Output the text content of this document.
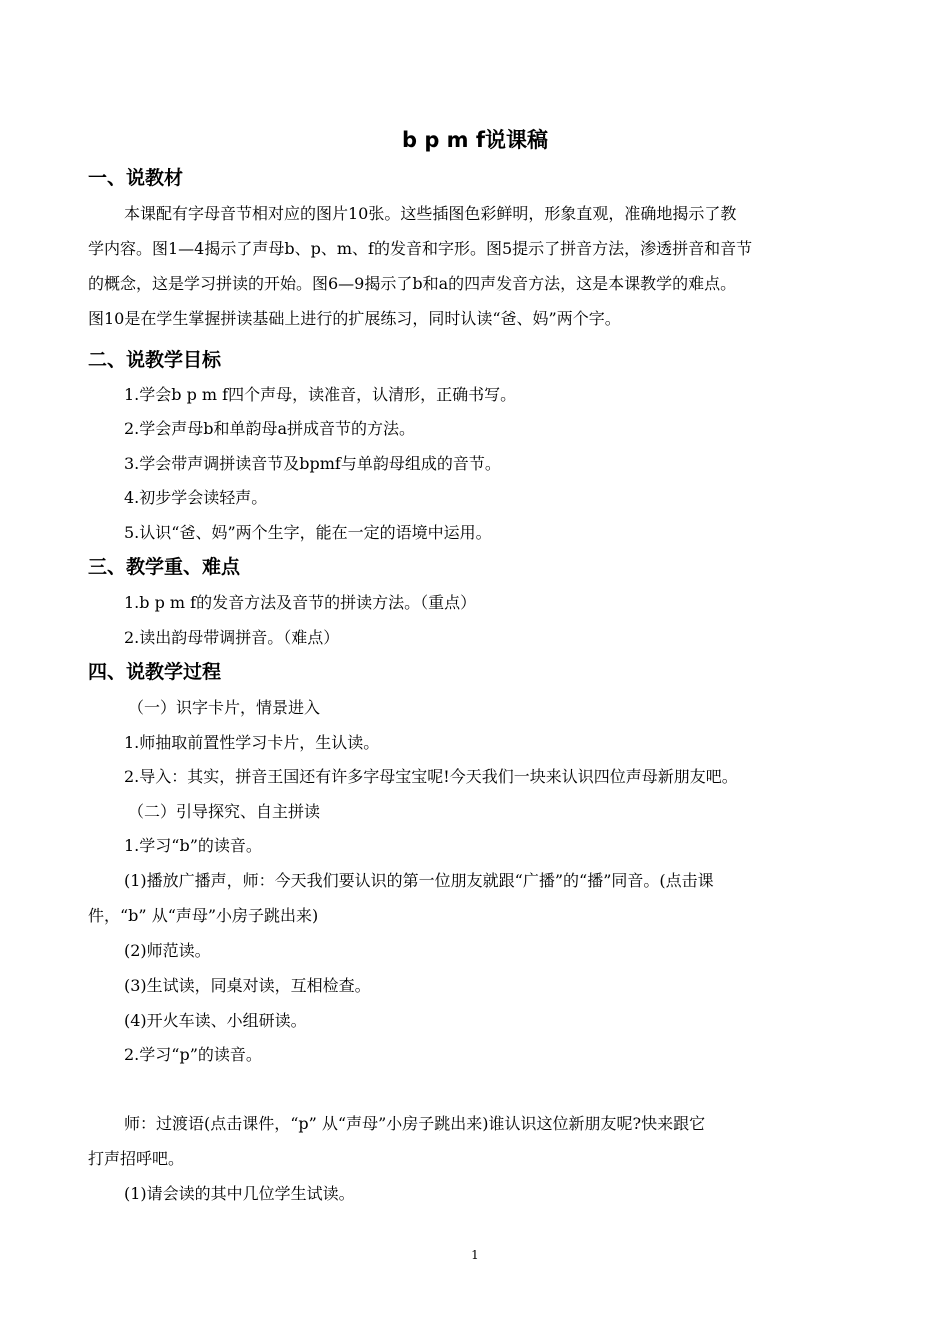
b p m f说课稿
一、说教材
本课配有字母音节相对应的图片10张。这些插图色彩鲜明，形象直观，准确地揭示了教
学内容。图1—4揭示了声母b、p、m、f的发音和字形。图5提示了拼音方法，渗透拼音和音节
的概念，这是学习拼读的开始。图6—9揭示了b和a的四声发音方法，这是本课教学的难点。
图10是在学生掌握拼读基础上进行的扩展练习，同时认读“爸、妈”两个字。
二、说教学目标
1.学会b p m f四个声母，读准音，认清形，正确书写。
2.学会声母b和单韵母a拼成音节的方法。
3.学会带声调拼读音节及bpmf与单韵母组成的音节。
4.初步学会读轻声。
5.认识“爸、妈”两个生字，能在一定的语境中运用。
三、教学重、难点
1.b p m f的发音方法及音节的拼读方法。（重点）
2.读出韵母带调拼音。（难点）
四、说教学过程
（一）识字卡片，情景进入
1.师抽取前置性学习卡片，生认读。
2.导入：其实，拼音王国还有许多字母宝宝呢!今天我们一块来认识四位声母新朋友吧。
（二）引导探究、自主拼读
1.学习“b”的读音。
(1)播放广播声，师：今天我们要认识的第一位朋友就跟“广播”的“播”同音。(点击课
件，“b” 从“声母”小房子跳出来)
(2)师范读。
(3)生试读，同桌对读，互相检查。
(4)开火车读、小组研读。
2.学习“p”的读音。
师：过渡语(点击课件，“p” 从“声母”小房子跳出来)谁认识这位新朋友呢?快来跟它
打声招呼吧。
(1)请会读的其中几位学生试读。
1
